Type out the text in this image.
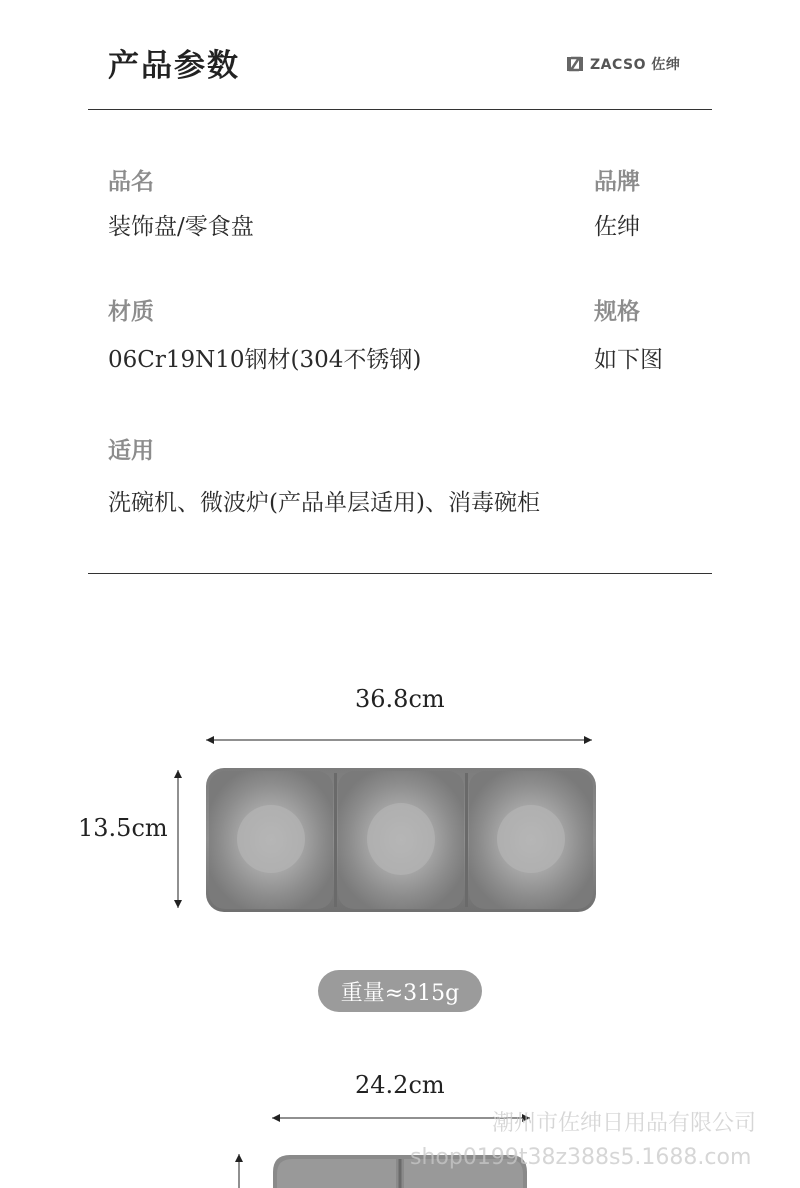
产品参数	ZACSO 佐绅
品名
装饰盘/零食盘
品牌
佐绅
材质
06Cr19N10钢材(304不锈钢)
规格
如下图
适用
洗碗机、微波炉(产品单层适用)、消毒碗柜
36.8cm
13.5cm
重量≈315g
24.2cm
潮州市佐绅日用品有限公司
shop0199t38z388s5.1688.com
